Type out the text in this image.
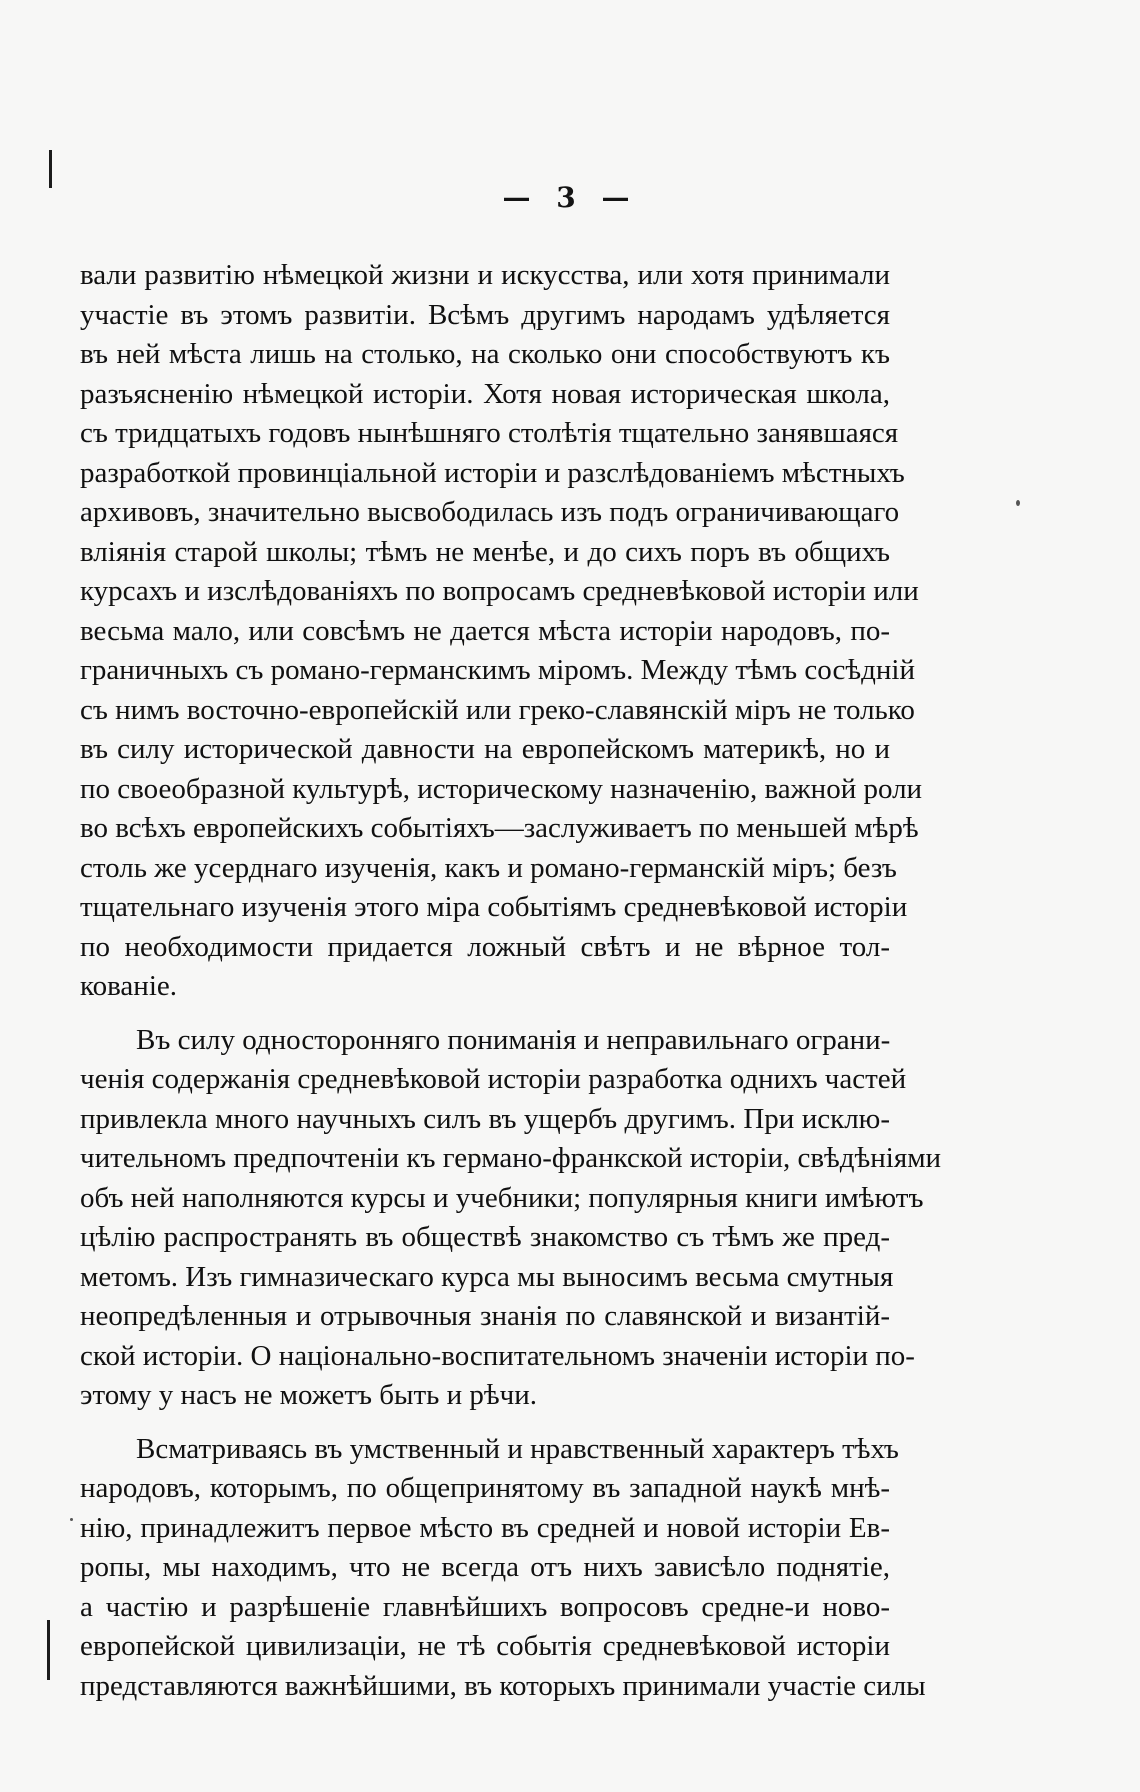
— 3 —
вали развитію нѣмецкой жизни и искусства, или хотя принимали
участіе въ этомъ развитіи. Всѣмъ другимъ народамъ удѣляется
въ ней мѣста лишь на столько, на сколько они способствуютъ къ
разъясненію нѣмецкой исторіи. Хотя новая историческая школа,
съ тридцатыхъ годовъ нынѣшняго столѣтія тщательно занявшаяся
разработкой провинціальной исторіи и разслѣдованіемъ мѣстныхъ
архивовъ, значительно высвободилась изъ подъ ограничивающаго
вліянія старой школы; тѣмъ не менѣе, и до сихъ поръ въ общихъ
курсахъ и изслѣдованіяхъ по вопросамъ средневѣковой исторіи или
весьма мало, или совсѣмъ не дается мѣста исторіи народовъ, по-
граничныхъ съ романо-германскимъ міромъ. Между тѣмъ сосѣдній
съ нимъ восточно-европейскій или греко-славянскій міръ не только
въ силу исторической давности на европейскомъ материкѣ, но и
по своеобразной культурѣ, историческому назначенію, важной роли
во всѣхъ европейскихъ событіяхъ—заслуживаетъ по меньшей мѣрѣ
столь же усерднаго изученія, какъ и романо-германскій міръ; безъ
тщательнаго изученія этого міра событіямъ средневѣковой исторіи
по необходимости придается ложный свѣтъ и не вѣрное тол-
кованіе.
Въ силу односторонняго пониманія и неправильнаго ограни-
ченія содержанія средневѣковой исторіи разработка однихъ частей
привлекла много научныхъ силъ въ ущербъ другимъ. При исклю-
чительномъ предпочтеніи къ германо-франкской исторіи, свѣдѣніями
объ ней наполняются курсы и учебники; популярныя книги имѣютъ
цѣлію распространять въ обществѣ знакомство съ тѣмъ же пред-
метомъ. Изъ гимназическаго курса мы выносимъ весьма смутныя
неопредѣленныя и отрывочныя знанія по славянской и византій-
ской исторіи. О національно-воспитательномъ значеніи исторіи по-
этому у насъ не можетъ быть и рѣчи.
Всматриваясь въ умственный и нравственный характеръ тѣхъ
народовъ, которымъ, по общепринятому въ западной наукѣ мнѣ-
нію, принадлежитъ первое мѣсто въ средней и новой исторіи Ев-
ропы, мы находимъ, что не всегда отъ нихъ зависѣло поднятіе,
а частію и разрѣшеніе главнѣйшихъ вопросовъ средне-и ново-
европейской цивилизаціи, не тѣ событія средневѣковой исторіи
представляются важнѣйшими, въ которыхъ принимали участіе силы
